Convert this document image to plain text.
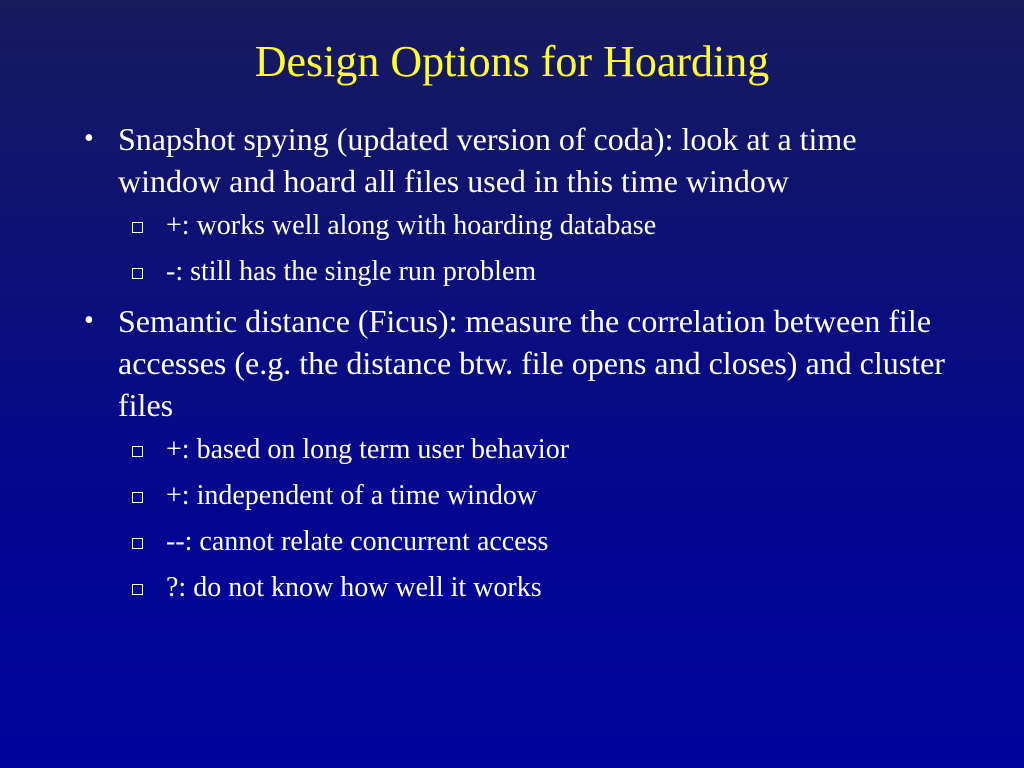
Design Options for Hoarding
• Snapshot spying (updated version of coda): look at a time window and hoard all files used in this time window
+: works well along with hoarding database
-: still has the single run problem
• Semantic distance (Ficus): measure the correlation between file accesses (e.g. the distance btw. file opens and closes) and cluster files
+: based on long term user behavior
+: independent of a time window
--: cannot relate concurrent access
?: do not know how well it works
